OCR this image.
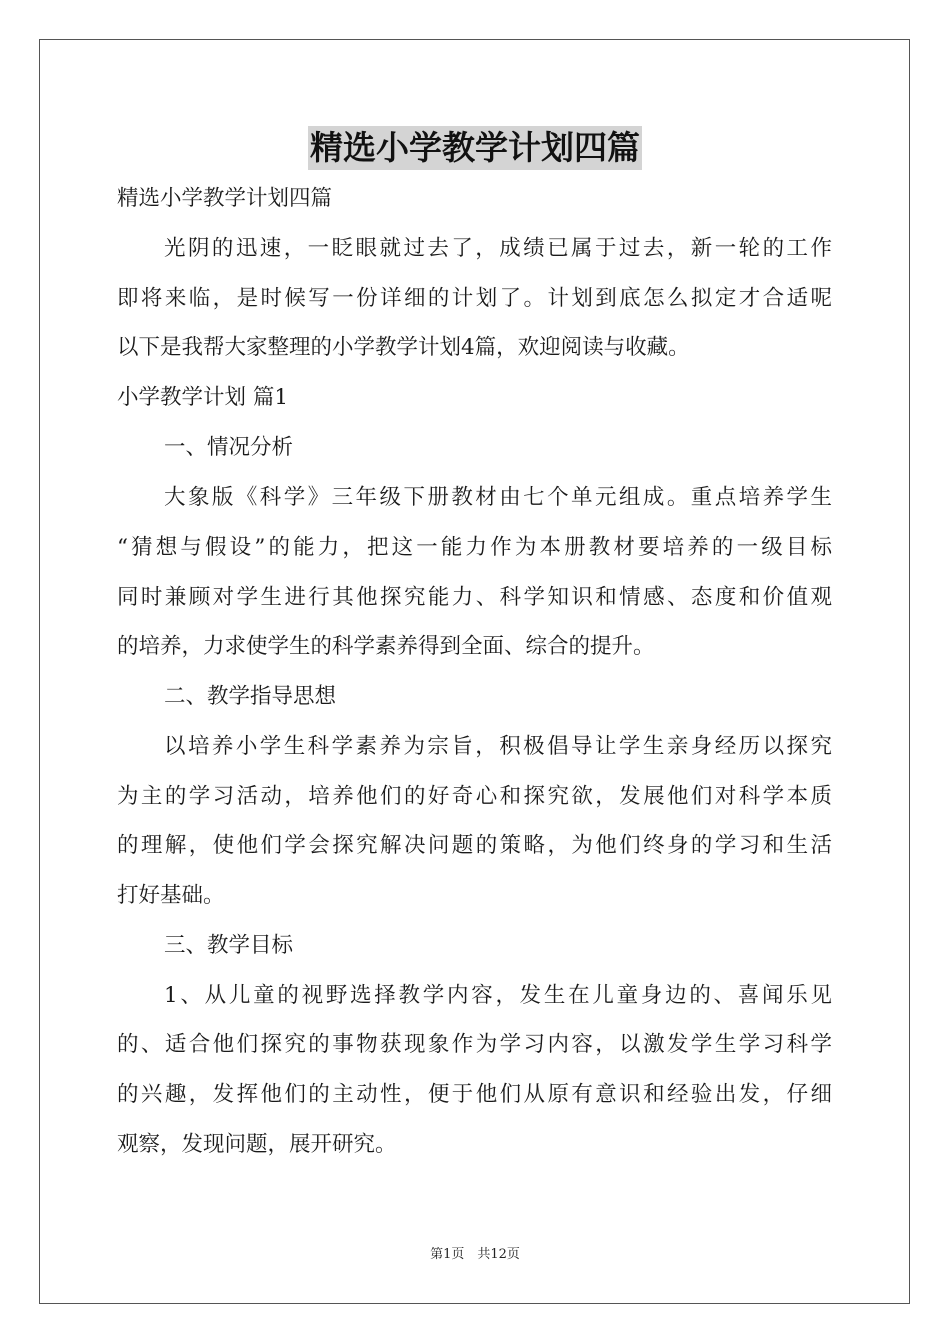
精选小学教学计划四篇
精选小学教学计划四篇
光阴的迅速，一眨眼就过去了，成绩已属于过去，新一轮的工作
即将来临，是时候写一份详细的计划了。计划到底怎么拟定才合适呢
以下是我帮大家整理的小学教学计划4篇，欢迎阅读与收藏。
小学教学计划 篇1
一、情况分析
大象版《科学》三年级下册教材由七个单元组成。重点培养学生
“猜想与假设”的能力，把这一能力作为本册教材要培养的一级目标
同时兼顾对学生进行其他探究能力、科学知识和情感、态度和价值观
的培养，力求使学生的科学素养得到全面、综合的提升。
二、教学指导思想
以培养小学生科学素养为宗旨，积极倡导让学生亲身经历以探究
为主的学习活动，培养他们的好奇心和探究欲，发展他们对科学本质
的理解，使他们学会探究解决问题的策略，为他们终身的学习和生活
打好基础。
三、教学目标
1、从儿童的视野选择教学内容，发生在儿童身边的、喜闻乐见
的、适合他们探究的事物获现象作为学习内容，以激发学生学习科学
的兴趣，发挥他们的主动性，便于他们从原有意识和经验出发，仔细
观察，发现问题，展开研究。
第1页　共12页
